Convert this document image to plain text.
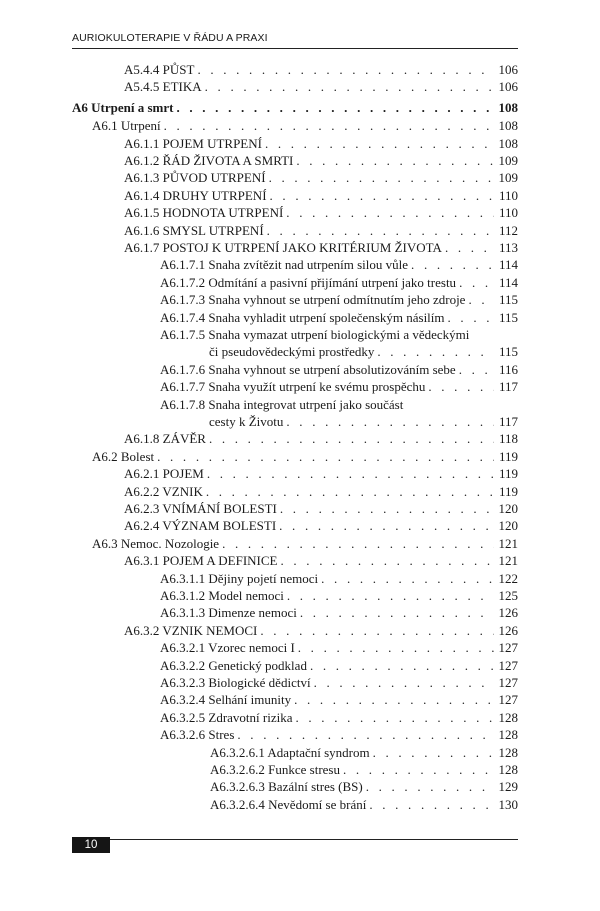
AURIOKULOTERAPIE V ŘÁDU A PRAXI
A5.4.4 PŮST . . .	106
A5.4.5 ETIKA . . .	106
A6 Utrpení a smrt . . .	108
A6.1 Utrpení . . .	108
A6.1.1 POJEM UTRPENÍ . . .	108
A6.1.2 ŘÁD ŽIVOTA A SMRTI . . .	109
A6.1.3 PŮVOD UTRPENÍ . . .	109
A6.1.4 DRUHY UTRPENÍ . . .	110
A6.1.5 HODNOTA UTRPENÍ . . .	110
A6.1.6 SMYSL UTRPENÍ . . .	112
A6.1.7 POSTOJ K UTRPENÍ JAKO KRITÉRIUM ŽIVOTA . . .	113
A6.1.7.1 Snaha zvítězit nad utrpením silou vůle . . .	114
A6.1.7.2 Odmítání a pasivní přijímání utrpení jako trestu . . .	114
A6.1.7.3 Snaha vyhnout se utrpení odmítnutím jeho zdroje . . .	115
A6.1.7.4 Snaha vyhladit utrpení společenským násilím . . .	115
A6.1.7.5 Snaha vymazat utrpení biologickými a vědeckými
či pseudovědeckými prostředky . . .	115
A6.1.7.6 Snaha vyhnout se utrpení absolutizováním sebe . . .	116
A6.1.7.7 Snaha využít utrpení ke svému prospěchu . . .	117
A6.1.7.8 Snaha integrovat utrpení jako součást
cesty k Životu . . .	117
A6.1.8 ZÁVĚR . . .	118
A6.2 Bolest . . .	119
A6.2.1 POJEM . . .	119
A6.2.2 VZNIK . . .	119
A6.2.3 VNÍMÁNÍ BOLESTI . . .	120
A6.2.4 VÝZNAM BOLESTI . . .	120
A6.3 Nemoc. Nozologie . . .	121
A6.3.1 POJEM A DEFINICE . . .	121
A6.3.1.1 Dějiny pojetí nemoci . . .	122
A6.3.1.2 Model nemoci . . .	125
A6.3.1.3 Dimenze nemoci . . .	126
A6.3.2 VZNIK NEMOCI . . .	126
A6.3.2.1 Vzorec nemoci I . . .	127
A6.3.2.2 Genetický podklad . . .	127
A6.3.2.3 Biologické dědictví . . .	127
A6.3.2.4 Selhání imunity . . .	127
A6.3.2.5 Zdravotní rizika . . .	128
A6.3.2.6 Stres . . .	128
A6.3.2.6.1 Adaptační syndrom . . .	128
A6.3.2.6.2 Funkce stresu . . .	128
A6.3.2.6.3 Bazální stres (BS) . . .	129
A6.3.2.6.4 Nevědomí se brání . . .	130
10
